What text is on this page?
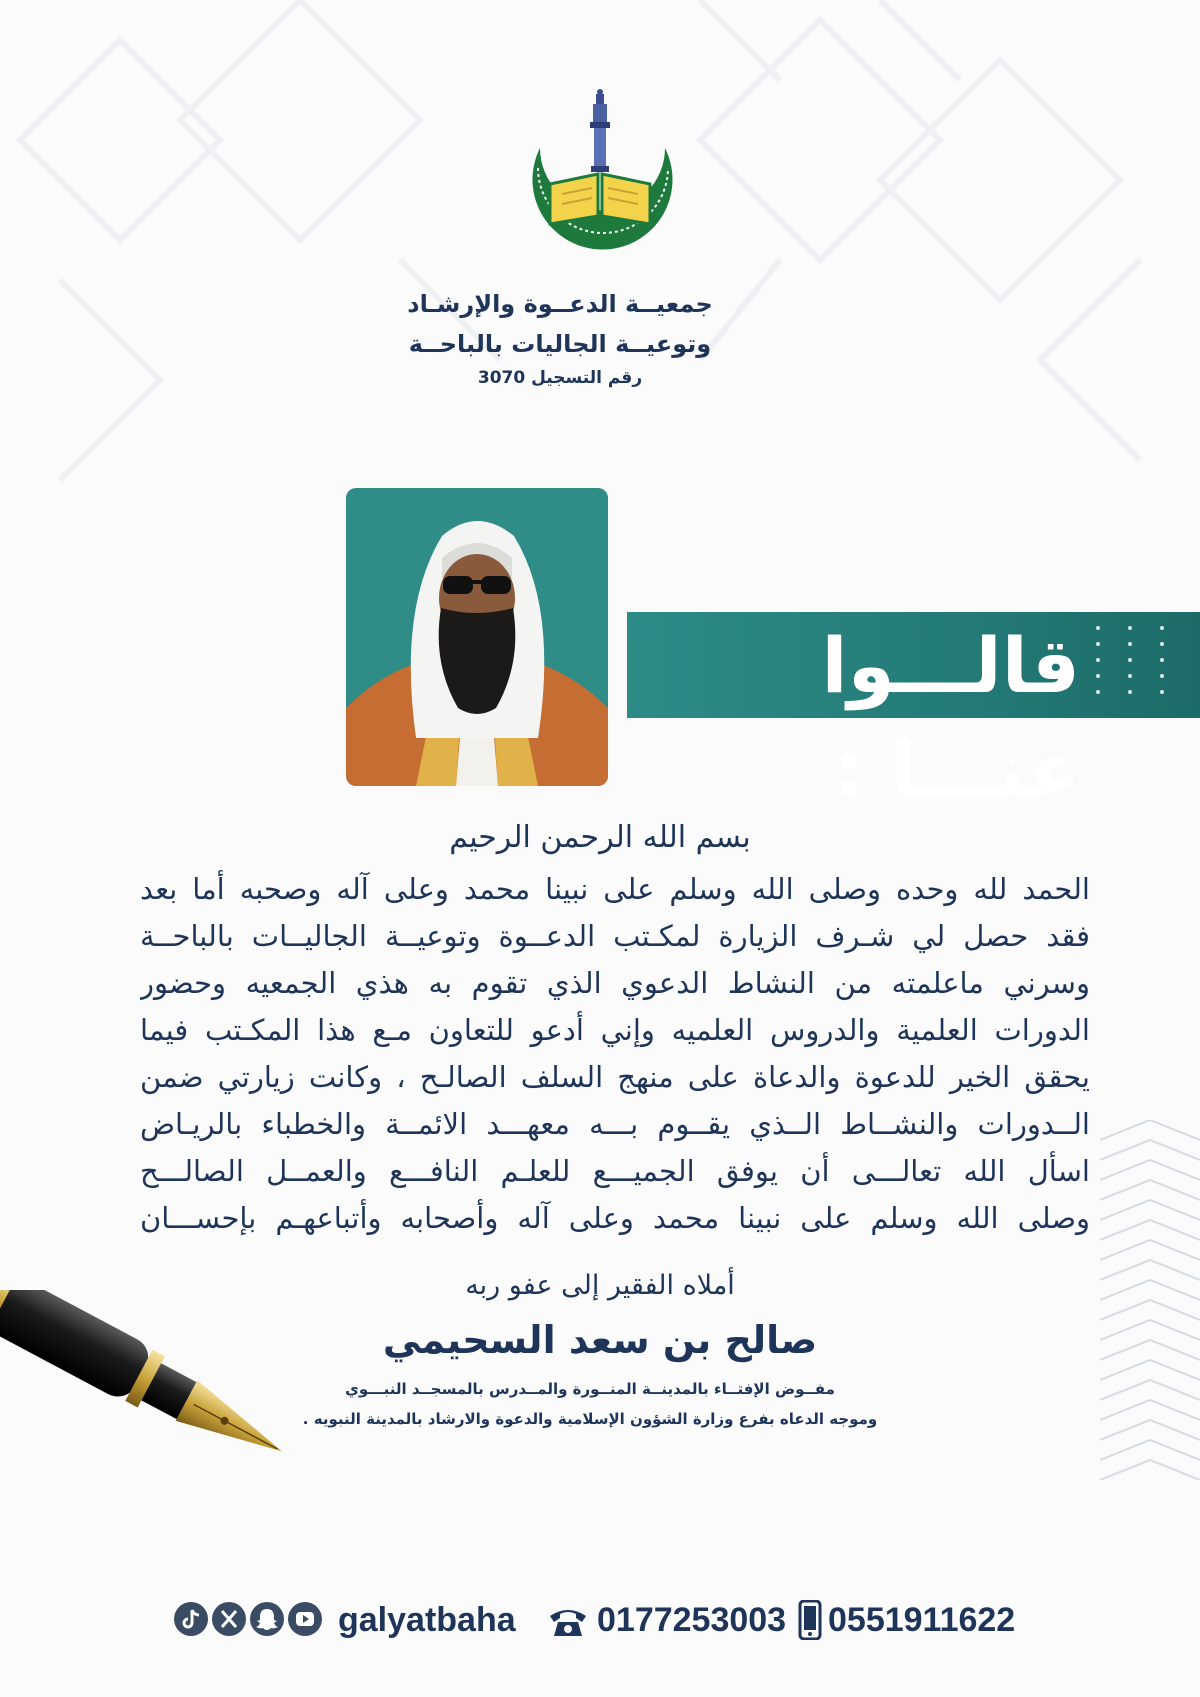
جمعيــة الدعــوة والإرشـاد
وتوعيــة الجاليات بالباحــة
رقم التسجيل 3070
قالـــوا عنـــا :
بسم الله الرحمن الرحيم
الحمد لله وحده وصلى الله وسلم على نبينا محمد وعلى آله وصحبه أما بعد
فقد حصل لي شـرف الزيارة لمكـتب الدعــوة وتوعيــة الجاليــات بالباحــة
وسرني ماعلمته من النشاط الدعوي الذي تقوم به هذي الجمعيه وحضور
الدورات العلمية والدروس العلميه وإني أدعو للتعاون مـع هذا المكـتب فيما
يحقق الخير للدعوة والدعاة على منهج السلف الصالـح ، وكانت زيارتي ضمن
الــدورات والنشــاط الــذي يقــوم بـــه معهـــد الائمــة والخطباء بالريـاض
اسأل الله تعالـــى أن يوفق الجميـــع للعلـم النافـــع والعمــل الصالـــح
وصلى الله وسلم على نبينا محمد وعلى آله وأصحابه وأتباعهـم بإحســـان
أملاه الفقير إلى عفو ربه
صالح بن سعد السحيمي
مفــوض الإفتــاء بالمدينــة المنــورة والمــدرس بالمسجــد النبـــوي
وموجه الدعاه بفرع وزارة الشؤون الإسلامية والدعوة والارشاد بالمدينة النبويه .
0551911622
0177253003
galyatbaha
